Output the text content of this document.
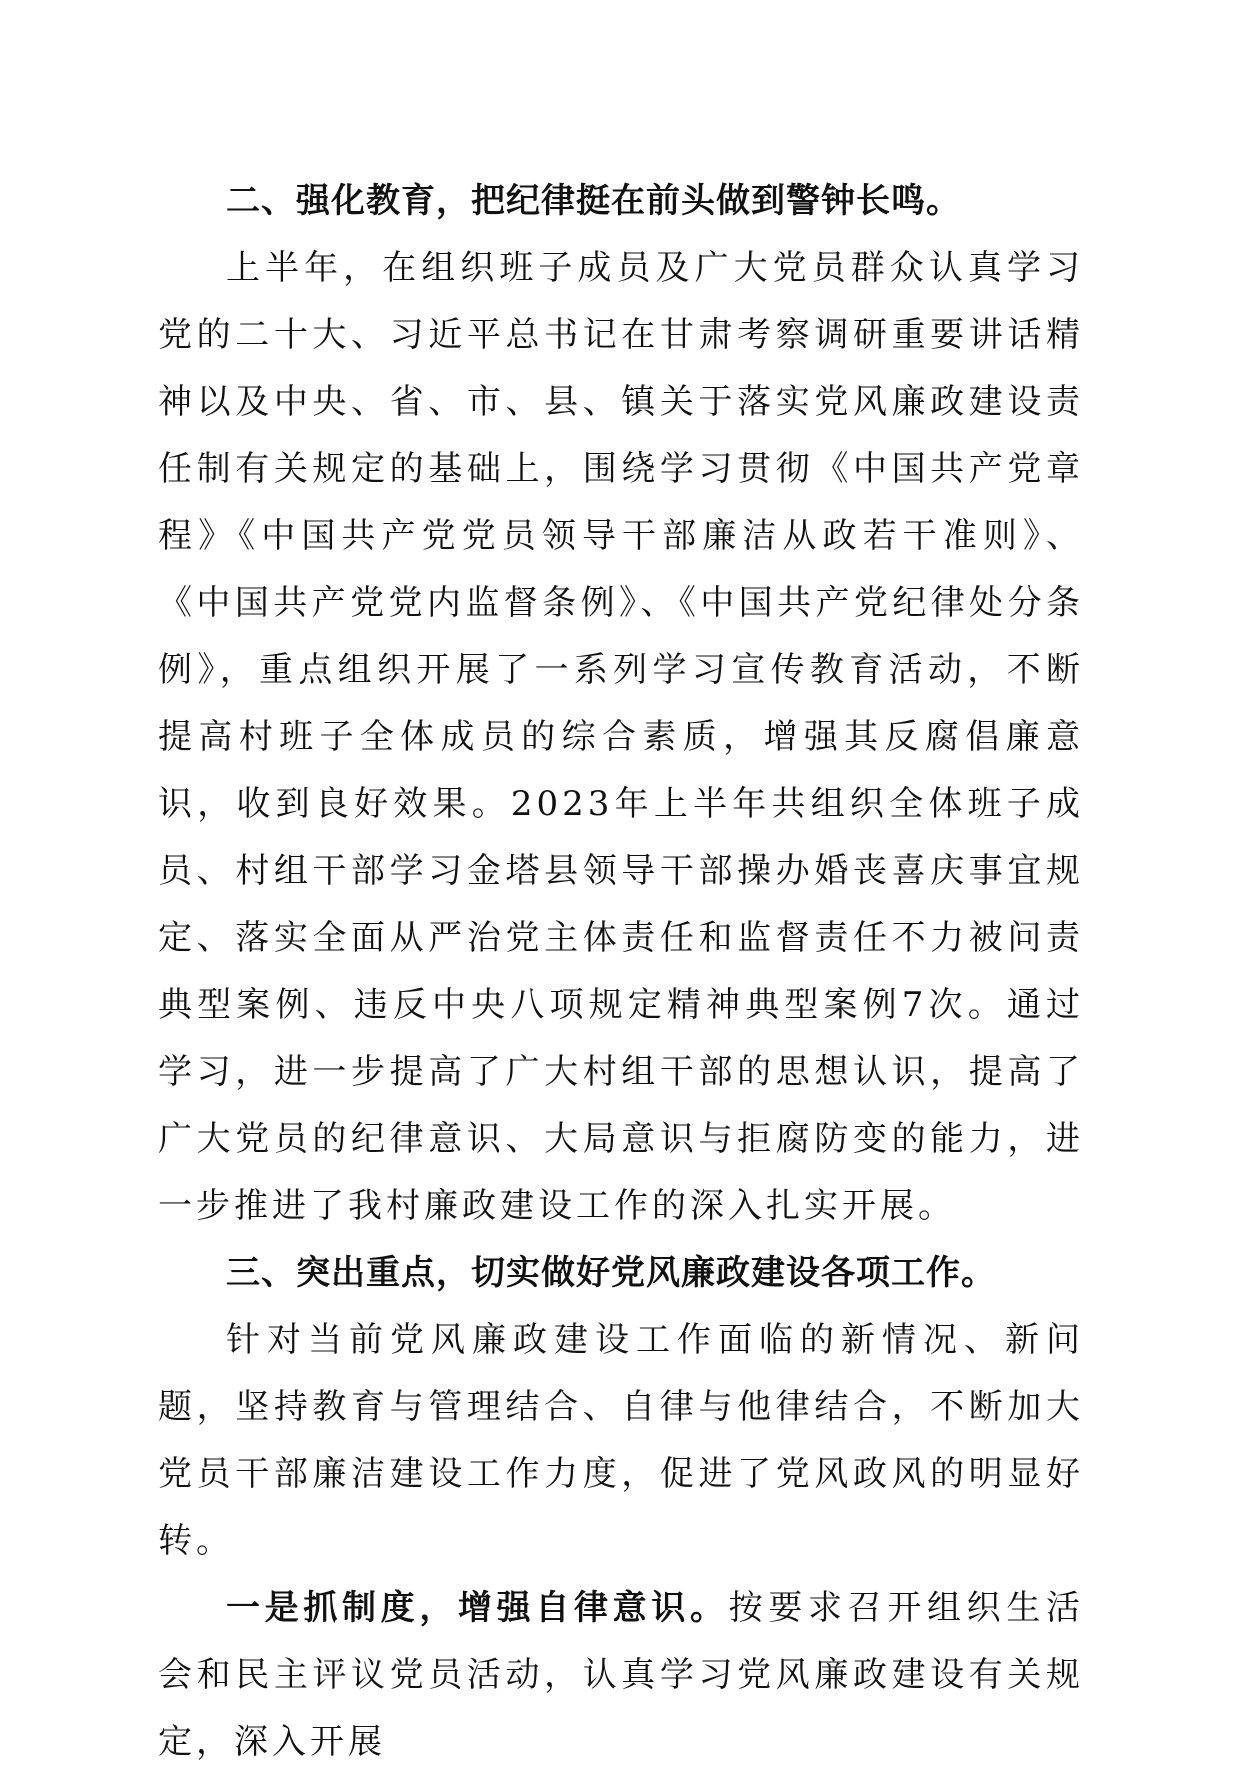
二、强化教育，把纪律挺在前头做到警钟长鸣。

上半年，在组织班子成员及广大党员群众认真学习党的二十大、习近平总书记在甘肃考察调研重要讲话精神以及中央、省、市、县、镇关于落实党风廉政建设责任制有关规定的基础上，围绕学习贯彻《中国共产党章程》《中国共产党党员领导干部廉洁从政若干准则》、《中国共产党党内监督条例》、《中国共产党纪律处分条例》，重点组织开展了一系列学习宣传教育活动，不断提高村班子全体成员的综合素质，增强其反腐倡廉意识，收到良好效果。2023年上半年共组织全体班子成员、村组干部学习金塔县领导干部操办婚丧喜庆事宜规定、落实全面从严治党主体责任和监督责任不力被问责典型案例、违反中央八项规定精神典型案例7次。通过学习，进一步提高了广大村组干部的思想认识，提高了广大党员的纪律意识、大局意识与拒腐防变的能力，进一步推进了我村廉政建设工作的深入扎实开展。

三、突出重点，切实做好党风廉政建设各项工作。

针对当前党风廉政建设工作面临的新情况、新问题，坚持教育与管理结合、自律与他律结合，不断加大党员干部廉洁建设工作力度，促进了党风政风的明显好转。

一是抓制度，增强自律意识。按要求召开组织生活会和民主评议党员活动，认真学习党风廉政建设有关规定，深入开展
